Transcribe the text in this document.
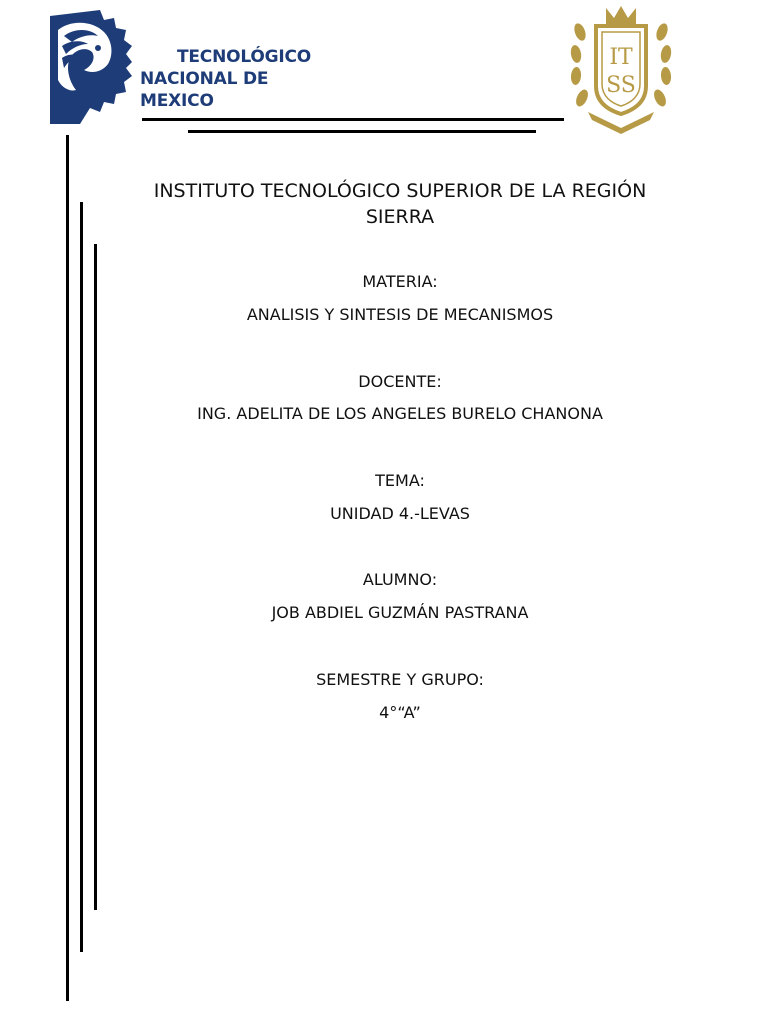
TECNOLÓGICO
NACIONAL DE MEXICO
IT
SS
INSTITUTO TECNOLÓGICO SUPERIOR DE LA REGIÓN SIERRA
MATERIA:
ANALISIS Y SINTESIS DE MECANISMOS
DOCENTE:
ING. ADELITA DE LOS ANGELES BURELO CHANONA
TEMA:
UNIDAD 4.-LEVAS
ALUMNO:
JOB ABDIEL GUZMÁN PASTRANA
SEMESTRE Y GRUPO:
4°“A”
